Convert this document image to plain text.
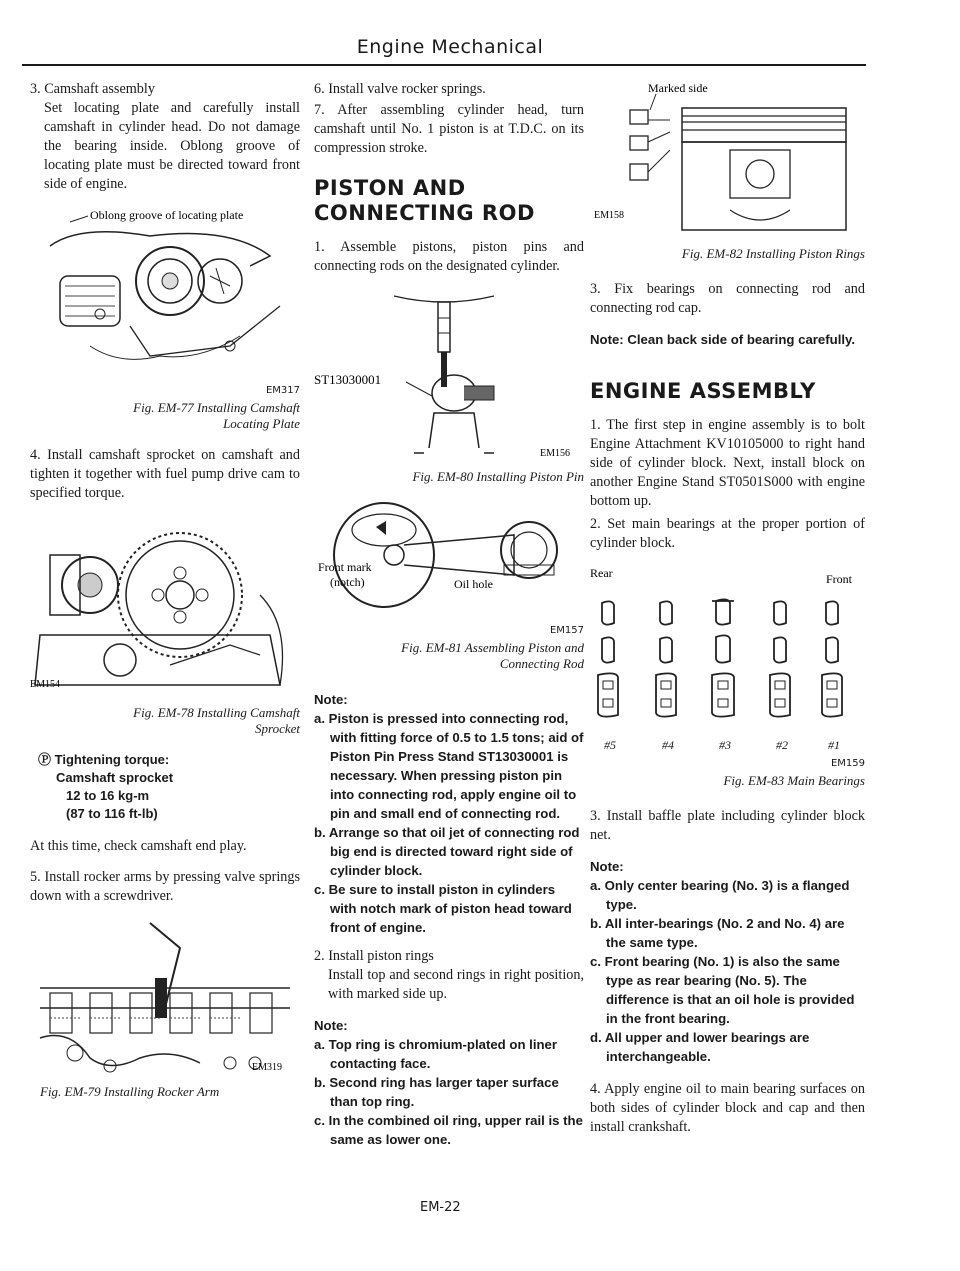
Engine Mechanical

3. Camshaft assembly

Set locating plate and carefully install camshaft in cylinder head. Do not damage the bearing inside. Oblong groove of locating plate must be directed toward front side of engine.

Oblong groove of locating plate
EM317
Fig. EM-77 Installing Camshaft
Locating Plate

4. Install camshaft sprocket on camshaft and tighten it together with fuel pump drive cam to specified torque.

EM154
Fig. EM-78 Installing Camshaft
Sprocket
Ⓟ Tightening torque:
Camshaft sprocket
12 to 16 kg-m
(87 to 116 ft-lb)

At this time, check camshaft end play.

5. Install rocker arms by pressing valve springs down with a screwdriver.

EM319
Fig. EM-79 Installing Rocker Arm

6. Install valve rocker springs.

7. After assembling cylinder head, turn camshaft until No. 1 piston is at T.D.C. on its compression stroke.

PISTON AND CONNECTING ROD

1. Assemble pistons, piston pins and connecting rods on the designated cylinder.

ST13030001
EM156
Fig. EM-80 Installing Piston Pin
Front mark
(notch)	Oil hole
EM157
Fig. EM-81 Assembling Piston and
Connecting Rod
Note:
a. Piston is pressed into connecting rod, with fitting force of 0.5 to 1.5 tons; aid of Piston Pin Press Stand ST13030001 is necessary. When pressing piston pin into connecting rod, apply engine oil to pin and small end of connecting rod.
b. Arrange so that oil jet of connecting rod big end is directed toward right side of cylinder block.
c. Be sure to install piston in cylinders with notch mark of piston head toward front of engine.

2. Install piston rings

Install top and second rings in right position, with marked side up.

Note:
a. Top ring is chromium-plated on liner contacting face.
b. Second ring has larger taper surface than top ring.
c. In the combined oil ring, upper rail is the same as lower one.
Marked side
EM158
Fig. EM-82 Installing Piston Rings

3. Fix bearings on connecting rod and connecting rod cap.

Note: Clean back side of bearing carefully.

ENGINE ASSEMBLY

1. The first step in engine assembly is to bolt Engine Attachment KV10105000 to right hand side of cylinder block. Next, install block on another Engine Stand ST0501S000 with engine bottom up.

2. Set main bearings at the proper portion of cylinder block.

Rear	Front
#5	#4	#3	#2	#1
EM159
Fig. EM-83 Main Bearings

3. Install baffle plate including cylinder block net.

Note:
a. Only center bearing (No. 3) is a flanged type.
b. All inter-bearings (No. 2 and No. 4) are the same type.
c. Front bearing (No. 1) is also the same type as rear bearing (No. 5). The difference is that an oil hole is provided in the front bearing.
d. All upper and lower bearings are interchangeable.

4. Apply engine oil to main bearing surfaces on both sides of cylinder block and cap and then install crankshaft.

EM-22
